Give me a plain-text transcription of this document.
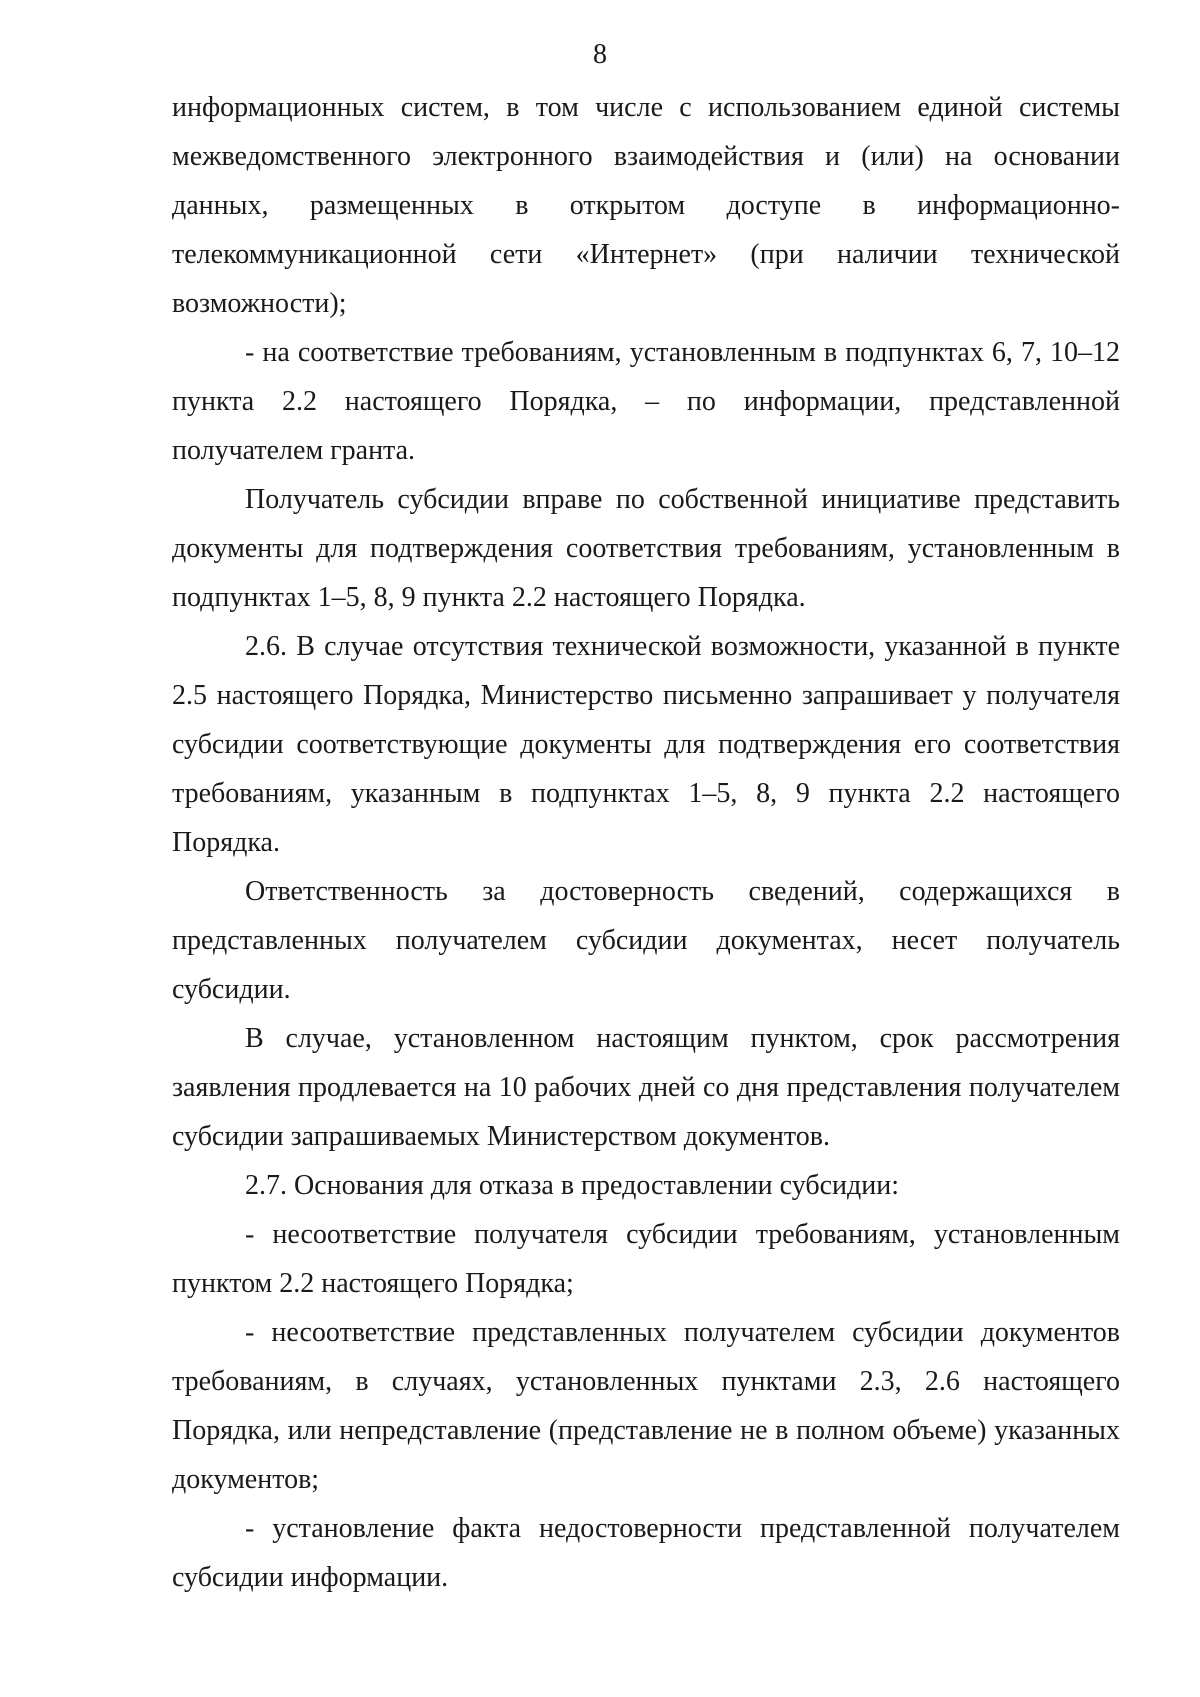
8

информационных систем, в том числе с использованием единой системы межведомственного электронного взаимодействия и (или) на основании данных, размещенных в открытом доступе в информационно-телекоммуникационной сети «Интернет» (при наличии технической возможности);

- на соответствие требованиям, установленным в подпунктах 6, 7, 10–12 пункта 2.2 настоящего Порядка, – по информации, представленной получателем гранта.

Получатель субсидии вправе по собственной инициативе представить документы для подтверждения соответствия требованиям, установленным в подпунктах 1–5, 8, 9 пункта 2.2 настоящего Порядка.

2.6. В случае отсутствия технической возможности, указанной в пункте 2.5 настоящего Порядка, Министерство письменно запрашивает у получателя субсидии соответствующие документы для подтверждения его соответствия требованиям, указанным в подпунктах 1–5, 8, 9 пункта 2.2 настоящего Порядка.

Ответственность за достоверность сведений, содержащихся в представленных получателем субсидии документах, несет получатель субсидии.

В случае, установленном настоящим пунктом, срок рассмотрения заявления продлевается на 10 рабочих дней со дня представления получателем субсидии запрашиваемых Министерством документов.

2.7. Основания для отказа в предоставлении субсидии:

- несоответствие получателя субсидии требованиям, установленным пунктом 2.2 настоящего Порядка;

- несоответствие представленных получателем субсидии документов требованиям, в случаях, установленных пунктами 2.3, 2.6 настоящего Порядка, или непредставление (представление не в полном объеме) указанных документов;

- установление факта недостоверности представленной получателем субсидии информации.
